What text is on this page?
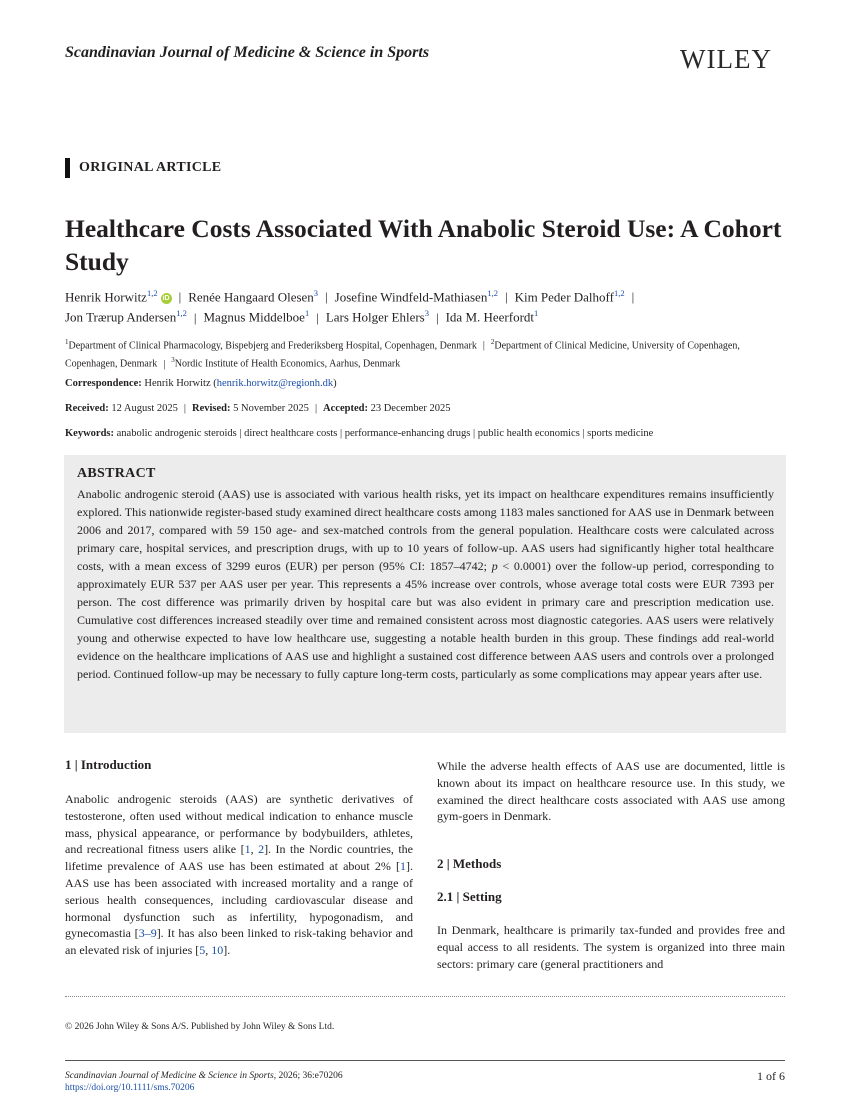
Scandinavian Journal of Medicine & Science in Sports	WILEY
ORIGINAL ARTICLE
Healthcare Costs Associated With Anabolic Steroid Use: A Cohort Study
Henrik Horwitz$^{1,2}$iD | Renée Hangaard Olesen$^3$ | Josefine Windfeld-Mathiasen$^{1,2}$ | Kim Peder Dalhoff$^{1,2}$ |
Jon Trærup Andersen$^{1,2}$ | Magnus Middelboe$^1$ | Lars Holger Ehlers$^3$ | Ida M. Heerfordt$^1$
$^1$Department of Clinical Pharmacology, Bispebjerg and Frederiksberg Hospital, Copenhagen, Denmark | $^2$Department of Clinical Medicine, University of Copenhagen, Copenhagen, Denmark | $^3$Nordic Institute of Health Economics, Aarhus, Denmark
Correspondence: Henrik Horwitz (henrik.horwitz@regionh.dk)
Received: 12 August 2025 | Revised: 5 November 2025 | Accepted: 23 December 2025
Keywords: anabolic androgenic steroids | direct healthcare costs | performance-enhancing drugs | public health economics | sports medicine
ABSTRACT

Anabolic androgenic steroid (AAS) use is associated with various health risks, yet its impact on healthcare expenditures remains insufficiently explored. This nationwide register-based study examined direct healthcare costs among 1183 males sanctioned for AAS use in Denmark between 2006 and 2017, compared with 59 150 age- and sex-matched controls from the general population. Healthcare costs were calculated across primary care, hospital services, and prescription drugs, with up to 10 years of follow-up. AAS users had significantly higher total healthcare costs, with a mean excess of 3299 euros (EUR) per person (95% CI: 1857–4742; p < 0.0001) over the follow-up period, corresponding to approximately EUR 537 per AAS user per year. This represents a 45% increase over controls, whose average total costs were EUR 7393 per person. The cost difference was primarily driven by hospital care but was also evident in primary care and prescription medication use. Cumulative cost differences increased steadily over time and remained consistent across most diagnostic categories. AAS users were relatively young and otherwise expected to have low healthcare use, suggesting a notable health burden in this group. These findings add real-world evidence on the healthcare implications of AAS use and highlight a sustained cost difference between AAS users and controls over a prolonged period. Continued follow-up may be necessary to fully capture long-term costs, particularly as some complications may appear years after use.

1 | Introduction

Anabolic androgenic steroids (AAS) are synthetic derivatives of testosterone, often used without medical indication to enhance muscle mass, physical appearance, or performance by bodybuilders, athletes, and recreational fitness users alike [1, 2]. In the Nordic countries, the lifetime prevalence of AAS use has been estimated at about 2% [1]. AAS use has been associated with increased mortality and a range of serious health consequences, including cardiovascular disease and hormonal dysfunction such as infertility, hypogonadism, and gynecomastia [3–9]. It has also been linked to risk-taking behavior and an elevated risk of injuries [5, 10].

While the adverse health effects of AAS use are documented, little is known about its impact on healthcare resource use. In this study, we examined the direct healthcare costs associated with AAS use among gym-goers in Denmark.

2 | Methods
2.1 | Setting

In Denmark, healthcare is primarily tax-funded and provides free and equal access to all residents. The system is organized into three main sectors: primary care (general practitioners and

© 2026 John Wiley & Sons A/S. Published by John Wiley & Sons Ltd.
Scandinavian Journal of Medicine & Science in Sports, 2026; 36:e70206
https://doi.org/10.1111/sms.70206
1 of 6
